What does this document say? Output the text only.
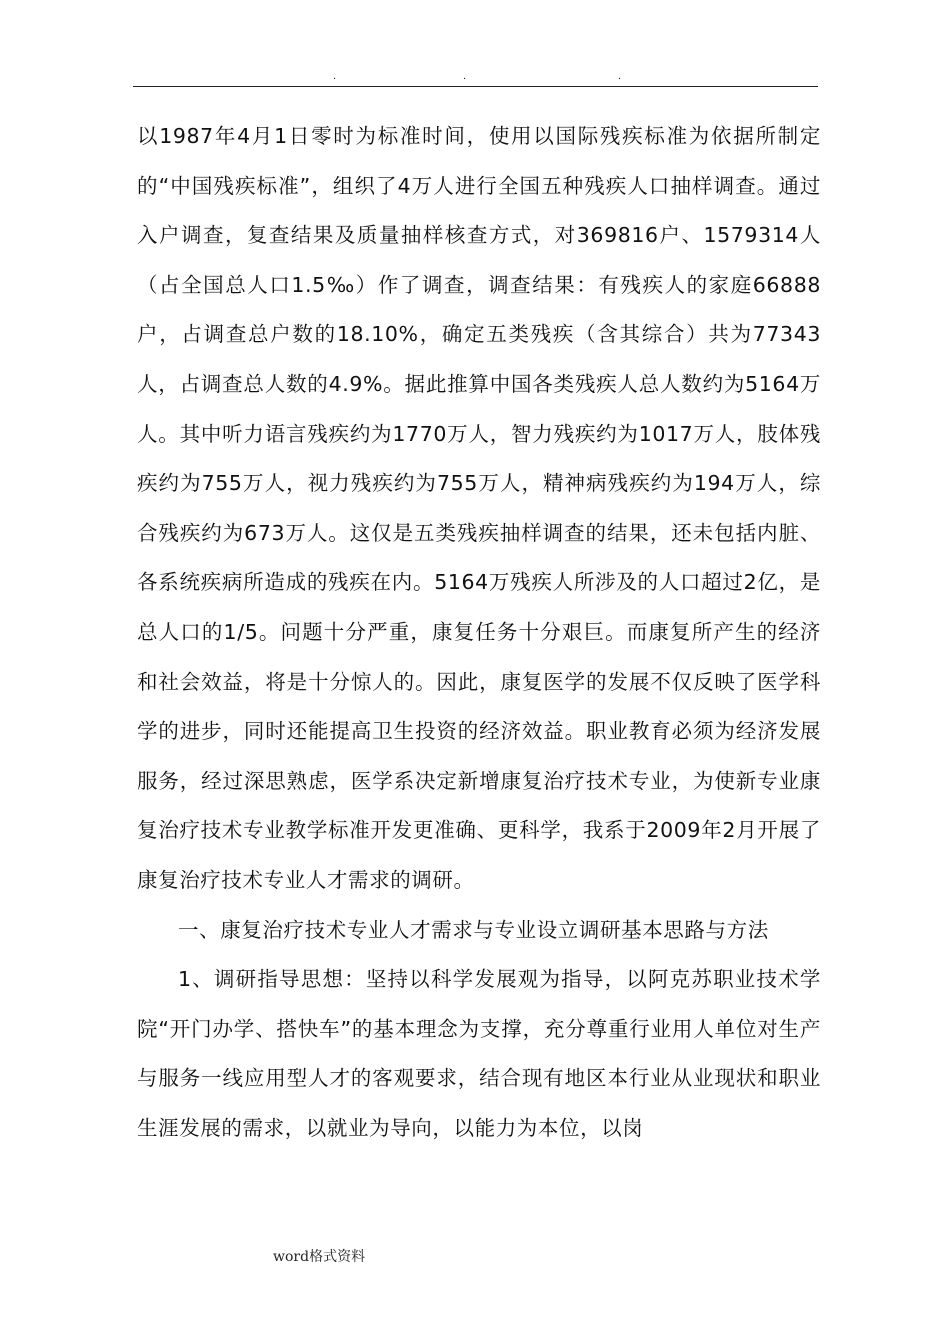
.	.	.

以1987年4月1日零时为标准时间，使用以国际残疾标准为依据所制定的“中国残疾标准”，组织了4万人进行全国五种残疾人口抽样调查。通过入户调查，复查结果及质量抽样核查方式，对369816户、1579314人（占全国总人口1.5‰）作了调查，调查结果：有残疾人的家庭66888户，占调查总户数的18.10%，确定五类残疾（含其综合）共为77343人，占调查总人数的4.9%。据此推算中国各类残疾人总人数约为5164万人。其中听力语言残疾约为1770万人，智力残疾约为1017万人，肢体残疾约为755万人，视力残疾约为755万人，精神病残疾约为194万人，综合残疾约为673万人。这仅是五类残疾抽样调查的结果，还未包括内脏、各系统疾病所造成的残疾在内。5164万残疾人所涉及的人口超过2亿，是总人口的1/5。问题十分严重，康复任务十分艰巨。而康复所产生的经济和社会效益，将是十分惊人的。因此，康复医学的发展不仅反映了医学科学的进步，同时还能提高卫生投资的经济效益。职业教育必须为经济发展服务，经过深思熟虑，医学系决定新增康复治疗技术专业，为使新专业康复治疗技术专业教学标准开发更准确、更科学，我系于2009年2月开展了康复治疗技术专业人才需求的调研。

一、康复治疗技术专业人才需求与专业设立调研基本思路与方法

1、调研指导思想：坚持以科学发展观为指导，以阿克苏职业技术学院“开门办学、搭快车”的基本理念为支撑，充分尊重行业用人单位对生产与服务一线应用型人才的客观要求，结合现有地区本行业从业现状和职业生涯发展的需求，以就业为导向，以能力为本位，以岗

word格式资料
